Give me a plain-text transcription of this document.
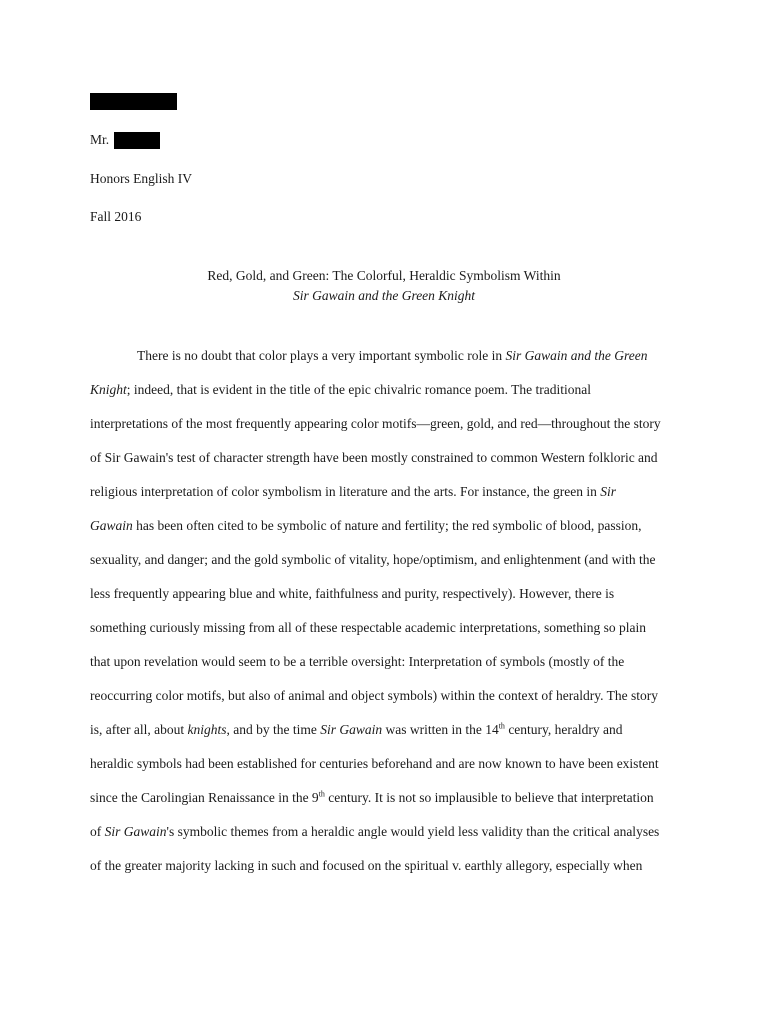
Mr.
Honors English IV
Fall 2016
Red, Gold, and Green: The Colorful, Heraldic Symbolism Within
Sir Gawain and the Green Knight
There is no doubt that color plays a very important symbolic role in Sir Gawain and the Green
Knight; indeed, that is evident in the title of the epic chivalric romance poem. The traditional
interpretations of the most frequently appearing color motifs—green, gold, and red—throughout the story
of Sir Gawain's test of character strength have been mostly constrained to common Western folkloric and
religious interpretation of color symbolism in literature and the arts. For instance, the green in Sir
Gawain has been often cited to be symbolic of nature and fertility; the red symbolic of blood, passion,
sexuality, and danger; and the gold symbolic of vitality, hope/optimism, and enlightenment (and with the
less frequently appearing blue and white, faithfulness and purity, respectively). However, there is
something curiously missing from all of these respectable academic interpretations, something so plain
that upon revelation would seem to be a terrible oversight: Interpretation of symbols (mostly of the
reoccurring color motifs, but also of animal and object symbols) within the context of heraldry. The story
is, after all, about knights, and by the time Sir Gawain was written in the 14th century, heraldry and
heraldic symbols had been established for centuries beforehand and are now known to have been existent
since the Carolingian Renaissance in the 9th century. It is not so implausible to believe that interpretation
of Sir Gawain's symbolic themes from a heraldic angle would yield less validity than the critical analyses
of the greater majority lacking in such and focused on the spiritual v. earthly allegory, especially when
